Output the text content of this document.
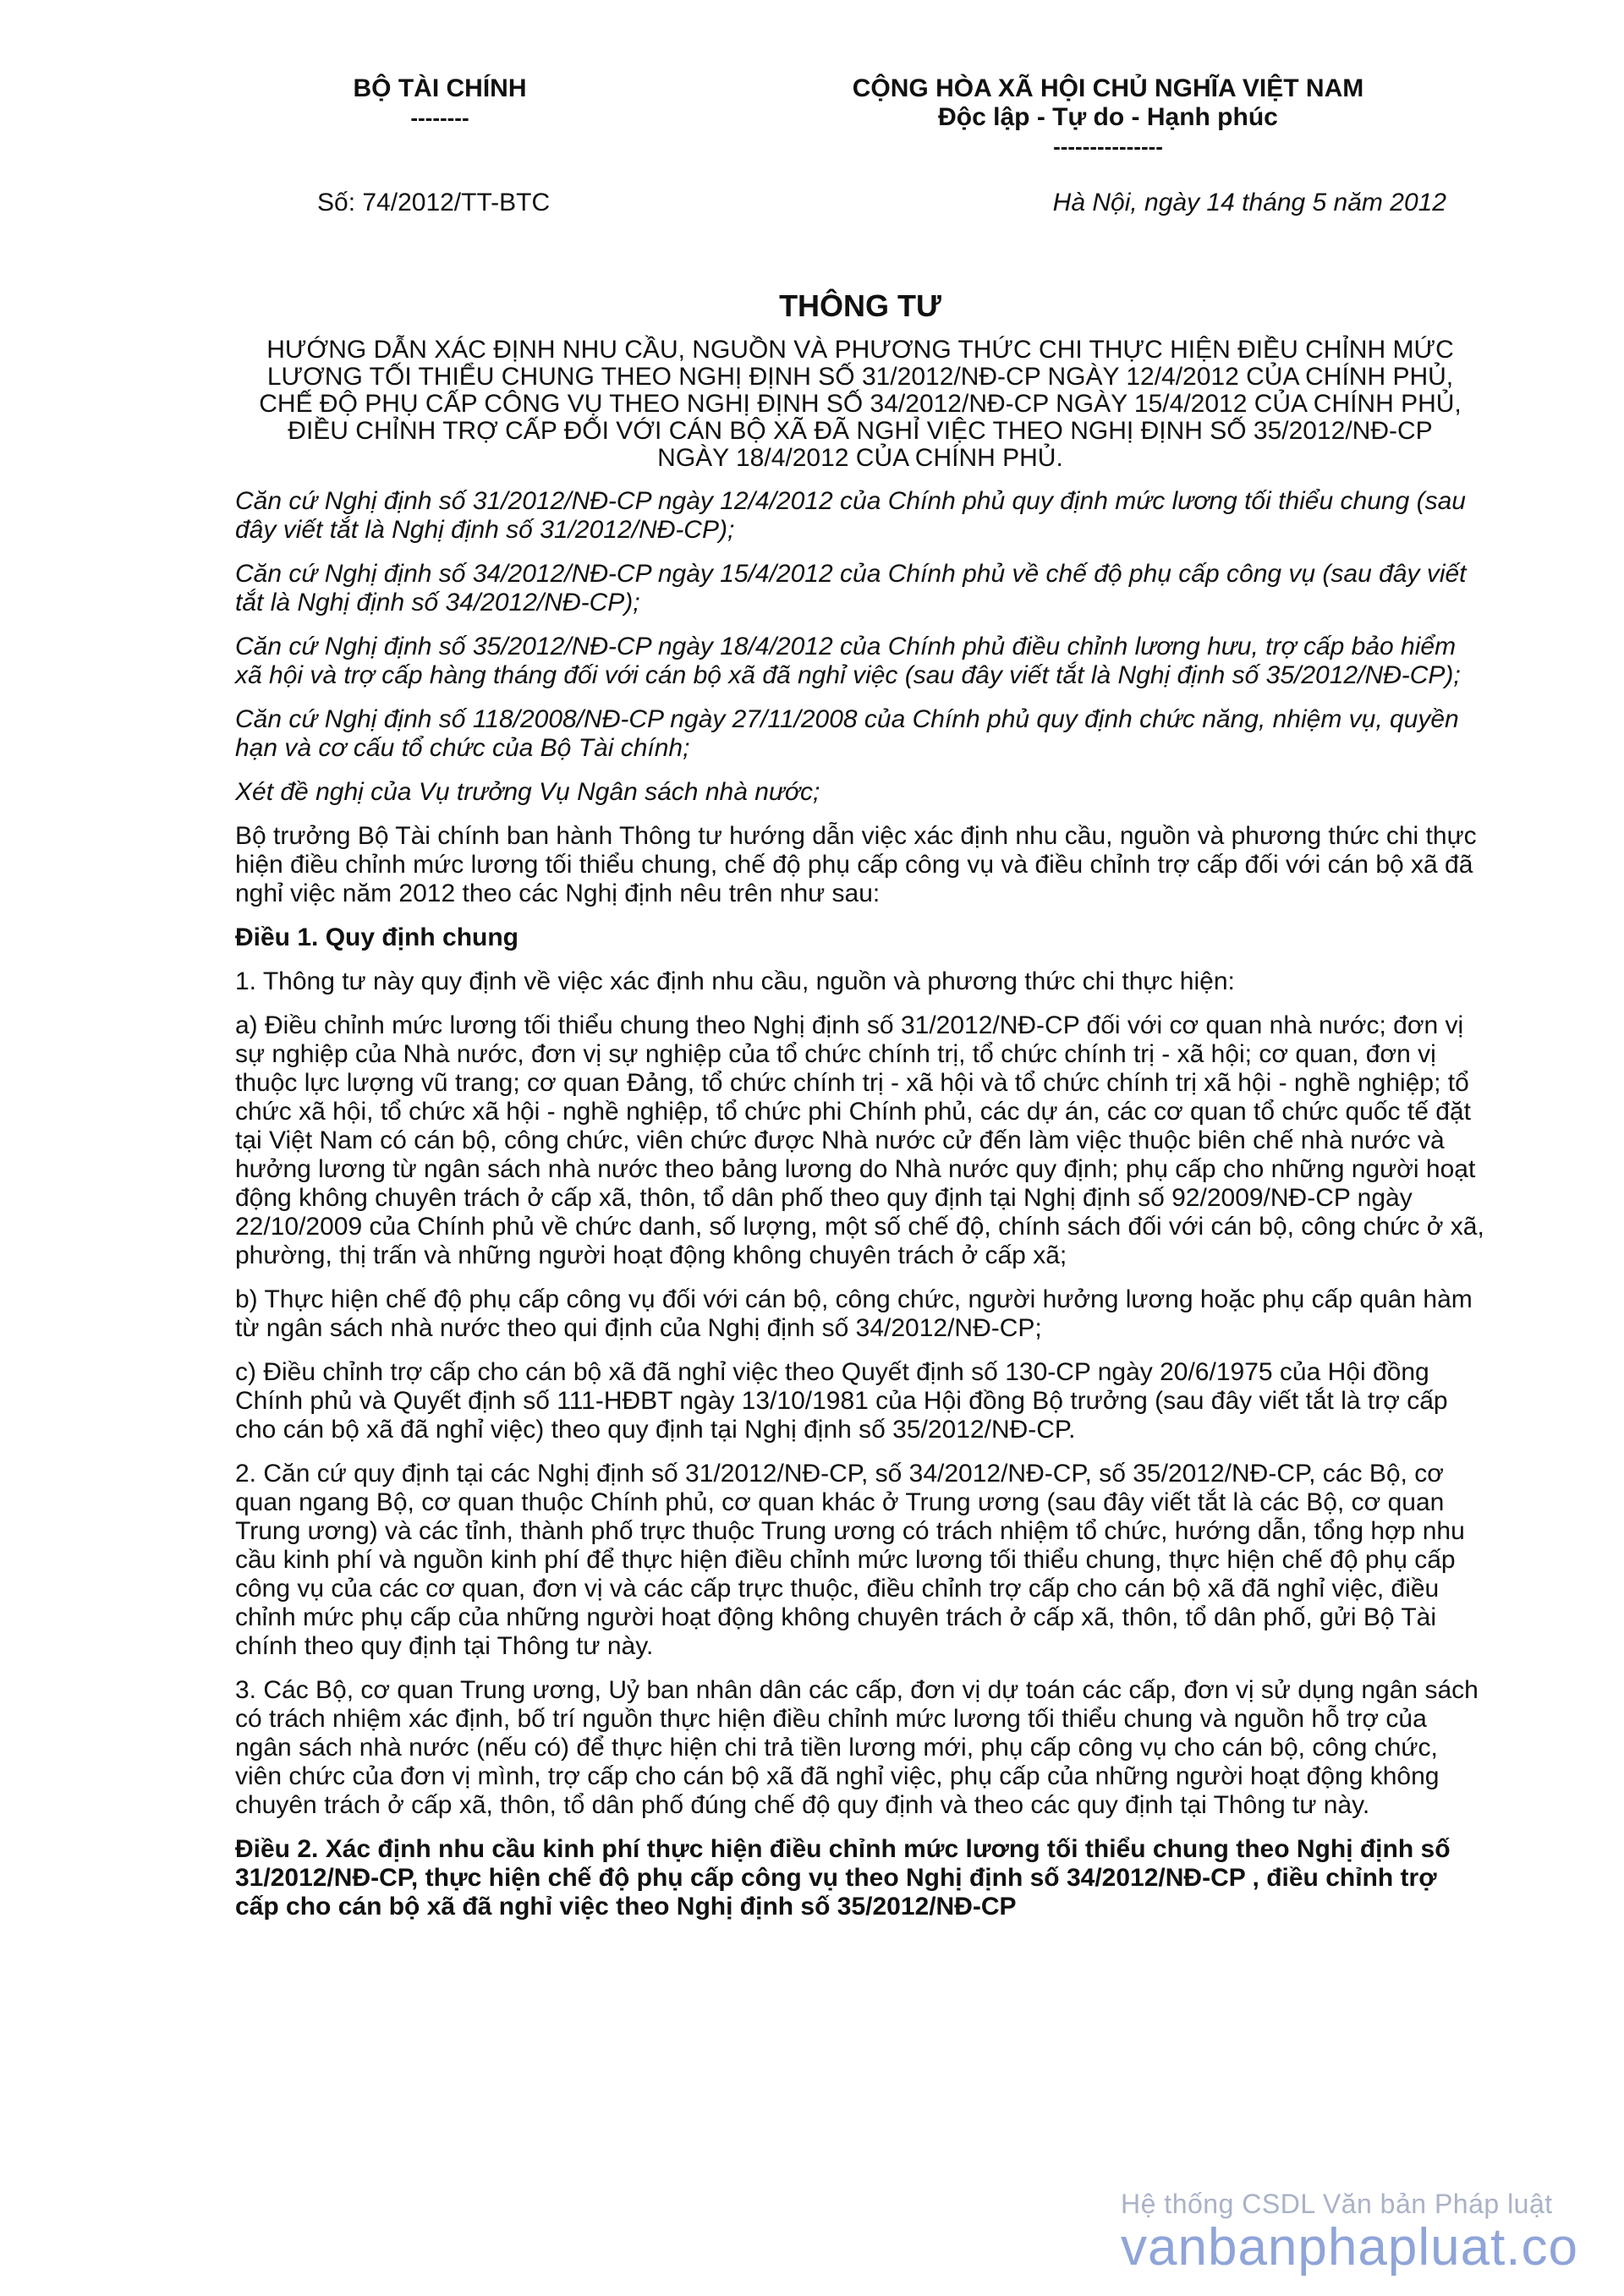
BỘ TÀI CHÍNH
--------
CỘNG HÒA XÃ HỘI CHỦ NGHĨA VIỆT NAM
Độc lập - Tự do - Hạnh phúc
---------------
Số: 74/2012/TT-BTC	Hà Nội, ngày 14 tháng 5 năm 2012
THÔNG TƯ
HƯỚNG DẪN XÁC ĐỊNH NHU CẦU, NGUỒN VÀ PHƯƠNG THỨC CHI THỰC HIỆN ĐIỀU CHỈNH MỨC LƯƠNG TỐI THIỂU CHUNG THEO NGHỊ ĐỊNH SỐ 31/2012/NĐ-CP NGÀY 12/4/2012 CỦA CHÍNH PHỦ, CHẾ ĐỘ PHỤ CẤP CÔNG VỤ THEO NGHỊ ĐỊNH SỐ 34/2012/NĐ-CP NGÀY 15/4/2012 CỦA CHÍNH PHỦ, ĐIỀU CHỈNH TRỢ CẤP ĐỐI VỚI CÁN BỘ XÃ ĐÃ NGHỈ VIỆC THEO NGHỊ ĐỊNH SỐ 35/2012/NĐ-CP NGÀY 18/4/2012 CỦA CHÍNH PHỦ.

Căn cứ Nghị định số 31/2012/NĐ-CP ngày 12/4/2012 của Chính phủ quy định mức lương tối thiểu chung (sau đây viết tắt là Nghị định số 31/2012/NĐ-CP);

Căn cứ Nghị định số 34/2012/NĐ-CP ngày 15/4/2012 của Chính phủ về chế độ phụ cấp công vụ (sau đây viết tắt là Nghị định số 34/2012/NĐ-CP);

Căn cứ Nghị định số 35/2012/NĐ-CP ngày 18/4/2012 của Chính phủ điều chỉnh lương hưu, trợ cấp bảo hiểm xã hội và trợ cấp hàng tháng đối với cán bộ xã đã nghỉ việc (sau đây viết tắt là Nghị định số 35/2012/NĐ-CP);

Căn cứ Nghị định số 118/2008/NĐ-CP ngày 27/11/2008 của Chính phủ quy định chức năng, nhiệm vụ, quyền hạn và cơ cấu tổ chức của Bộ Tài chính;

Xét đề nghị của Vụ trưởng Vụ Ngân sách nhà nước;

Bộ trưởng Bộ Tài chính ban hành Thông tư hướng dẫn việc xác định nhu cầu, nguồn và phương thức chi thực hiện điều chỉnh mức lương tối thiểu chung, chế độ phụ cấp công vụ và điều chỉnh trợ cấp đối với cán bộ xã đã nghỉ việc năm 2012 theo các Nghị định nêu trên như sau:

Điều 1. Quy định chung

1. Thông tư này quy định về việc xác định nhu cầu, nguồn và phương thức chi thực hiện:

a) Điều chỉnh mức lương tối thiểu chung theo Nghị định số 31/2012/NĐ-CP đối với cơ quan nhà nước; đơn vị sự nghiệp của Nhà nước, đơn vị sự nghiệp của tổ chức chính trị, tổ chức chính trị - xã hội; cơ quan, đơn vị thuộc lực lượng vũ trang; cơ quan Đảng, tổ chức chính trị - xã hội và tổ chức chính trị xã hội - nghề nghiệp; tổ chức xã hội, tổ chức xã hội - nghề nghiệp, tổ chức phi Chính phủ, các dự án, các cơ quan tổ chức quốc tế đặt tại Việt Nam có cán bộ, công chức, viên chức được Nhà nước cử đến làm việc thuộc biên chế nhà nước và hưởng lương từ ngân sách nhà nước theo bảng lương do Nhà nước quy định; phụ cấp cho những người hoạt động không chuyên trách ở cấp xã, thôn, tổ dân phố theo quy định tại Nghị định số 92/2009/NĐ-CP ngày 22/10/2009 của Chính phủ về chức danh, số lượng, một số chế độ, chính sách đối với cán bộ, công chức ở xã, phường, thị trấn và những người hoạt động không chuyên trách ở cấp xã;

b) Thực hiện chế độ phụ cấp công vụ đối với cán bộ, công chức, người hưởng lương hoặc phụ cấp quân hàm từ ngân sách nhà nước theo qui định của Nghị định số 34/2012/NĐ-CP;

c) Điều chỉnh trợ cấp cho cán bộ xã đã nghỉ việc theo Quyết định số 130-CP ngày 20/6/1975 của Hội đồng Chính phủ và Quyết định số 111-HĐBT ngày 13/10/1981 của Hội đồng Bộ trưởng (sau đây viết tắt là trợ cấp cho cán bộ xã đã nghỉ việc) theo quy định tại Nghị định số 35/2012/NĐ-CP.

2. Căn cứ quy định tại các Nghị định số 31/2012/NĐ-CP, số 34/2012/NĐ-CP, số 35/2012/NĐ-CP, các Bộ, cơ quan ngang Bộ, cơ quan thuộc Chính phủ, cơ quan khác ở Trung ương (sau đây viết tắt là các Bộ, cơ quan Trung ương) và các tỉnh, thành phố trực thuộc Trung ương có trách nhiệm tổ chức, hướng dẫn, tổng hợp nhu cầu kinh phí và nguồn kinh phí để thực hiện điều chỉnh mức lương tối thiểu chung, thực hiện chế độ phụ cấp công vụ của các cơ quan, đơn vị và các cấp trực thuộc, điều chỉnh trợ cấp cho cán bộ xã đã nghỉ việc, điều chỉnh mức phụ cấp của những người hoạt động không chuyên trách ở cấp xã, thôn, tổ dân phố, gửi Bộ Tài chính theo quy định tại Thông tư này.

3. Các Bộ, cơ quan Trung ương, Uỷ ban nhân dân các cấp, đơn vị dự toán các cấp, đơn vị sử dụng ngân sách có trách nhiệm xác định, bố trí nguồn thực hiện điều chỉnh mức lương tối thiểu chung và nguồn hỗ trợ của ngân sách nhà nước (nếu có) để thực hiện chi trả tiền lương mới, phụ cấp công vụ cho cán bộ, công chức, viên chức của đơn vị mình, trợ cấp cho cán bộ xã đã nghỉ việc, phụ cấp của những người hoạt động không chuyên trách ở cấp xã, thôn, tổ dân phố đúng chế độ quy định và theo các quy định tại Thông tư này.

Điều 2. Xác định nhu cầu kinh phí thực hiện điều chỉnh mức lương tối thiểu chung theo Nghị định số 31/2012/NĐ-CP, thực hiện chế độ phụ cấp công vụ theo Nghị định số 34/2012/NĐ-CP , điều chỉnh trợ cấp cho cán bộ xã đã nghỉ việc theo Nghị định số 35/2012/NĐ-CP

Hệ thống CSDL Văn bản Pháp luật
vanbanphapluat.co
